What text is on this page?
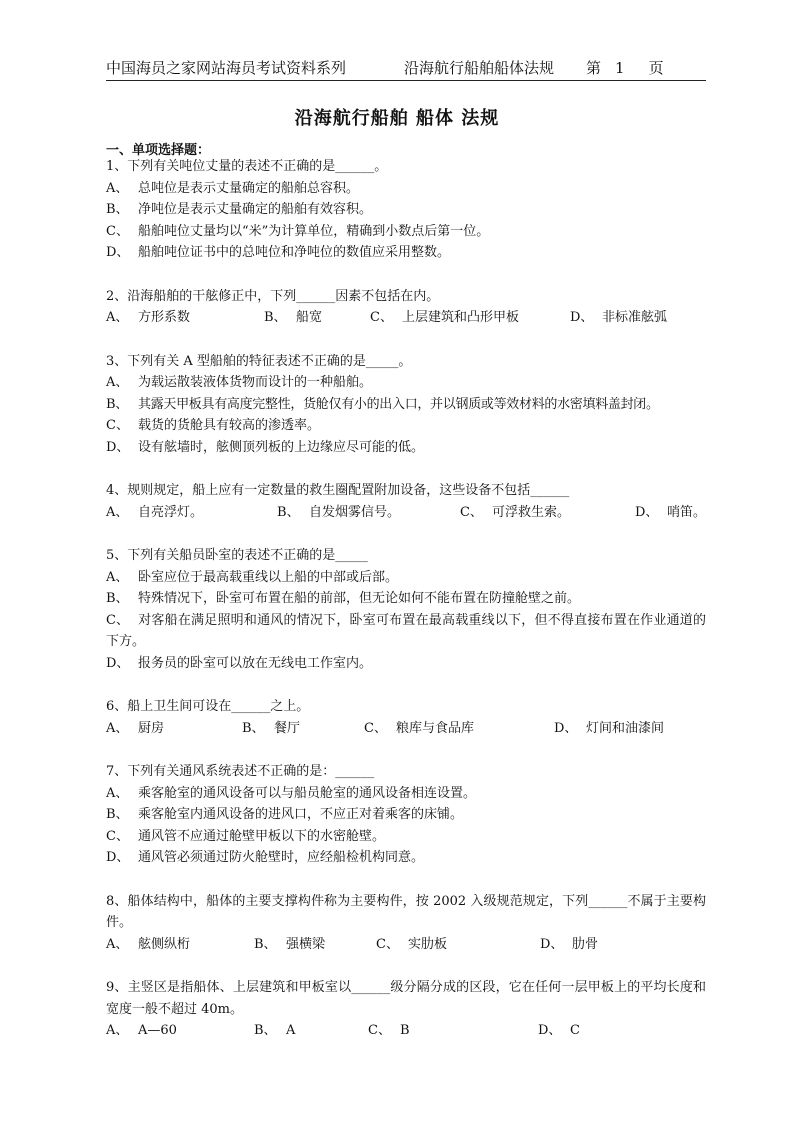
中国海员之家网站海员考试资料系列	沿海航行船舶船体法规 第 1 页
沿海航行船舶 船体 法规
一、单项选择题：
1、下列有关吨位丈量的表述不正确的是______。
A、 总吨位是表示丈量确定的船舶总容积。
B、 净吨位是表示丈量确定的船舶有效容积。
C、 船舶吨位丈量均以“米”为计算单位，精确到小数点后第一位。
D、 船舶吨位证书中的总吨位和净吨位的数值应采用整数。
2、沿海船舶的干舷修正中，下列______因素不包括在内。
A、 方形系数	B、 船宽	C、 上层建筑和凸形甲板	D、 非标准舷弧
3、下列有关 A 型船舶的特征表述不正确的是_____。
A、 为载运散装液体货物而设计的一种船舶。
B、 其露天甲板具有高度完整性，货舱仅有小的出入口，并以钢质或等效材料的水密填料盖封闭。
C、 载货的货舱具有较高的渗透率。
D、 设有舷墙时，舷侧顶列板的上边缘应尽可能的低。
4、规则规定，船上应有一定数量的救生圈配置附加设备，这些设备不包括______
A、 自亮浮灯。	B、 自发烟雾信号。	C、 可浮救生索。	D、 哨笛。
5、下列有关船员卧室的表述不正确的是_____
A、 卧室应位于最高载重线以上船的中部或后部。
B、 特殊情况下，卧室可布置在船的前部，但无论如何不能布置在防撞舱壁之前。
C、 对客船在满足照明和通风的情况下，卧室可布置在最高载重线以下，但不得直接布置在作业通道的下方。
D、 报务员的卧室可以放在无线电工作室内。
6、船上卫生间可设在______之上。
A、 厨房	B、 餐厅	C、 粮库与食品库	D、 灯间和油漆间
7、下列有关通风系统表述不正确的是：______
A、 乘客舱室的通风设备可以与船员舱室的通风设备相连设置。
B、 乘客舱室内通风设备的进风口，不应正对着乘客的床铺。
C、 通风管不应通过舱壁甲板以下的水密舱壁。
D、 通风管必须通过防火舱壁时，应经船检机构同意。
8、船体结构中，船体的主要支撑构件称为主要构件，按 2002 入级规范规定，下列______不属于主要构件。
A、 舷侧纵桁	B、 强横梁	C、 实肋板	D、 肋骨
9、主竖区是指船体、上层建筑和甲板室以______级分隔分成的区段，它在任何一层甲板上的平均长度和宽度一般不超过 40m。
A、 A—60	B、 A	C、 B	D、 C
